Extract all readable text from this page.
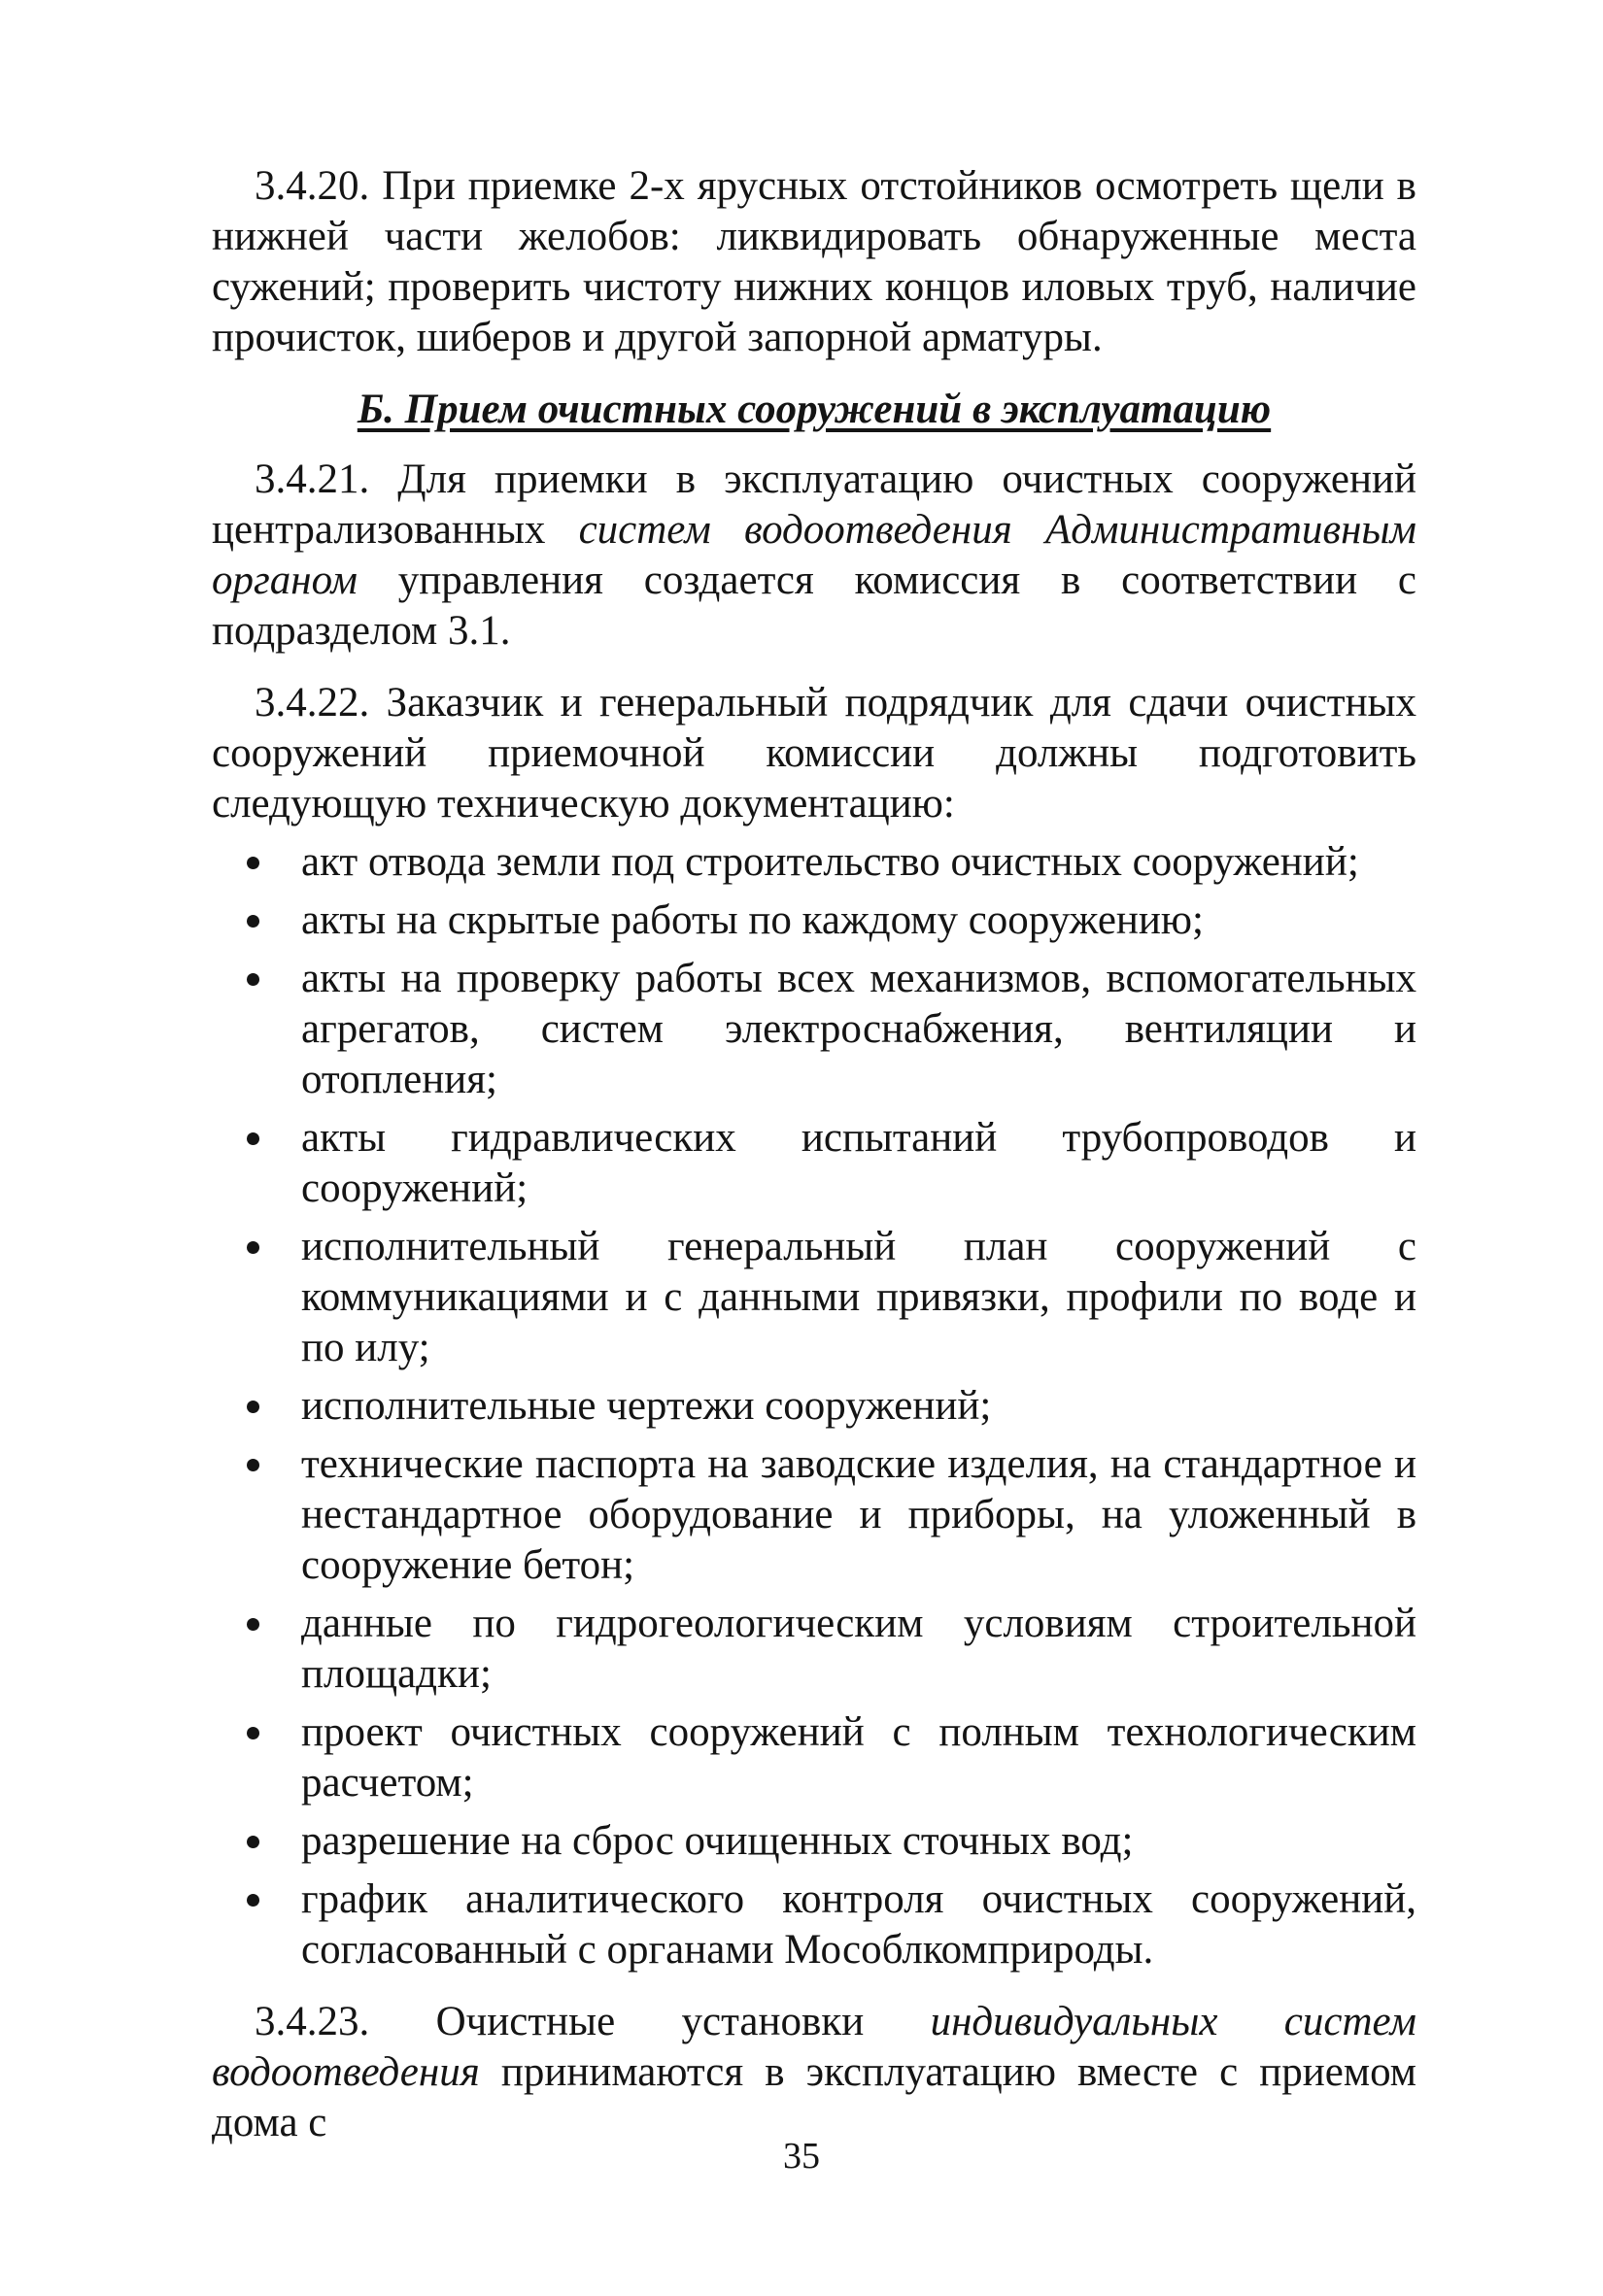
3.4.20. При приемке 2-х ярусных отстойников осмотреть щели в нижней части желобов: ликвидировать обнаруженные места сужений; проверить чистоту нижних концов иловых труб, наличие прочисток, шиберов и другой запорной арматуры.

Б. Прием очистных сооружений в эксплуатацию

3.4.21. Для приемки в эксплуатацию очистных сооружений централизованных систем водоотведения Административным органом управления создается комиссия в соответствии с подразделом 3.1.

3.4.22. Заказчик и генеральный подрядчик для сдачи очистных сооружений приемочной комиссии должны подготовить следующую техническую документацию:

акт отвода земли под строительство очистных сооружений;
акты на скрытые работы по каждому сооружению;
акты на проверку работы всех механизмов, вспомогательных агрегатов, систем электроснабжения, вентиляции и отопления;
акты гидравлических испытаний трубопроводов и сооружений;
исполнительный генеральный план сооружений с коммуникациями и с данными привязки, профили по воде и по илу;
исполнительные чертежи сооружений;
технические паспорта на заводские изделия, на стандартное и нестандартное оборудование и приборы, на уложенный в сооружение бетон;
данные по гидрогеологическим условиям строительной площадки;
проект очистных сооружений с полным технологическим расчетом;
разрешение на сброс очищенных сточных вод;
график аналитического контроля очистных сооружений, согласованный с органами Мособлкомприроды.

3.4.23. Очистные установки индивидуальных систем водоотведения принимаются в эксплуатацию вместе с приемом дома с

35
